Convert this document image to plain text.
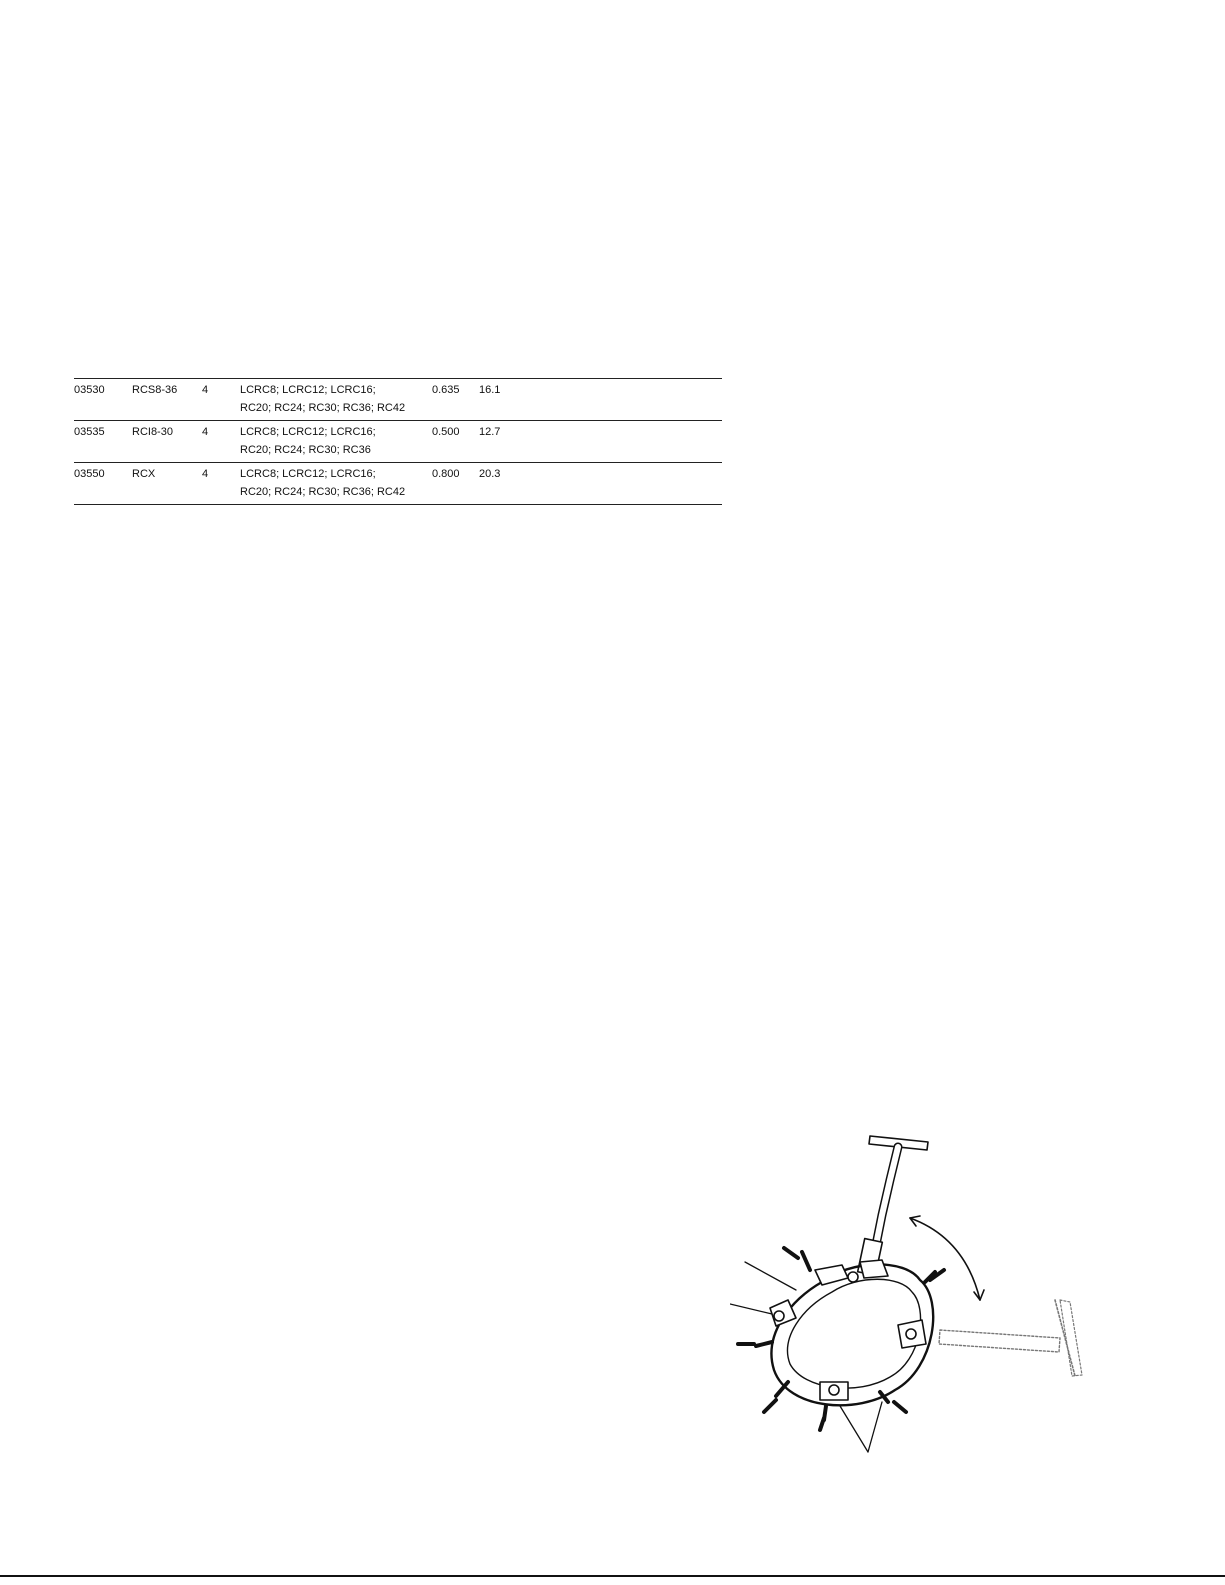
03530	RCS8-36	4	LCRC8; LCRC12; LCRC16;
RC20; RC24; RC30; RC36; RC42	0.635	16.1
03535	RCI8-30	4	LCRC8; LCRC12; LCRC16;
RC20; RC24; RC30; RC36	0.500	12.7
03550	RCX	4	LCRC8; LCRC12; LCRC16;
RC20; RC24; RC30; RC36; RC42	0.800	20.3
